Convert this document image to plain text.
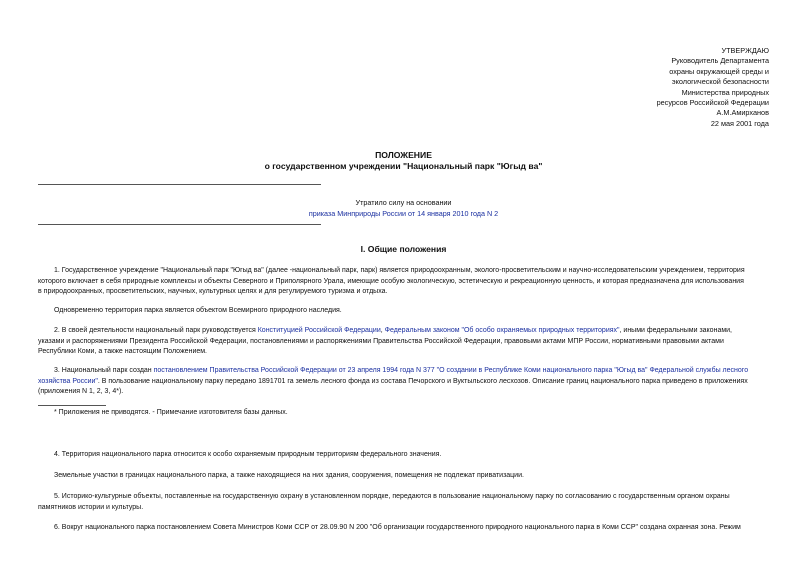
УТВЕРЖДАЮ
Руководитель Департамента
охраны окружающей среды и
экологической безопасности
Министерства природных
ресурсов Российской Федерации
А.М.Амирханов
22 мая 2001 года
ПОЛОЖЕНИЕ
о государственном учреждении "Национальный парк "Югыд ва"
Утратило силу на основании
приказа Минприроды России от 14 января 2010 года N 2
I. Общие положения
1. Государственное учреждение "Национальный парк "Югыд ва" (далее -национальный парк, парк) является природоохранным, эколого-просветительским и научно-исследовательским учреждением, территория
которого включает в себя природные комплексы и объекты Северного и Приполярного Урала, имеющие особую экологическую, эстетическую и рекреационную ценность, и которая предназначена для использования
в природоохранных, просветительских, научных, культурных целях и для регулируемого туризма и отдыха.
Одновременно территория парка является объектом Всемирного природного наследия.
2. В своей деятельности национальный парк руководствуется Конституцией Российской Федерации, Федеральным законом "Об особо охраняемых природных территориях", иными федеральными законами,
указами и распоряжениями Президента Российской Федерации, постановлениями и распоряжениями Правительства Российской Федерации, правовыми актами МПР России, нормативными правовыми актами
Республики Коми, а также настоящим Положением.
3. Национальный парк создан постановлением Правительства Российской Федерации от 23 апреля 1994 года N 377 "О создании в Республике Коми национального парка "Югыд ва" Федеральной службы лесного
хозяйства России". В пользование национальному парку передано 1891701 га земель лесного фонда из состава Печорского и Вуктыльского лесхозов. Описание границ национального парка приведено в приложениях
(приложения N 1, 2, 3, 4*).
* Приложения не приводятся. - Примечание изготовителя базы данных.
4. Территория национального парка относится к особо охраняемым природным территориям федерального значения.
Земельные участки в границах национального парка, а также находящиеся на них здания, сооружения, помещения не подлежат приватизации.
5. Историко-культурные объекты, поставленные на государственную охрану в установленном порядке, передаются в пользование национальному парку по согласованию с государственным органом охраны
памятников истории и культуры.
6. Вокруг национального парка постановлением Совета Министров Коми ССР от 28.09.90 N 200 "Об организации государственного природного национального парка в Коми ССР" создана охранная зона. Режим
